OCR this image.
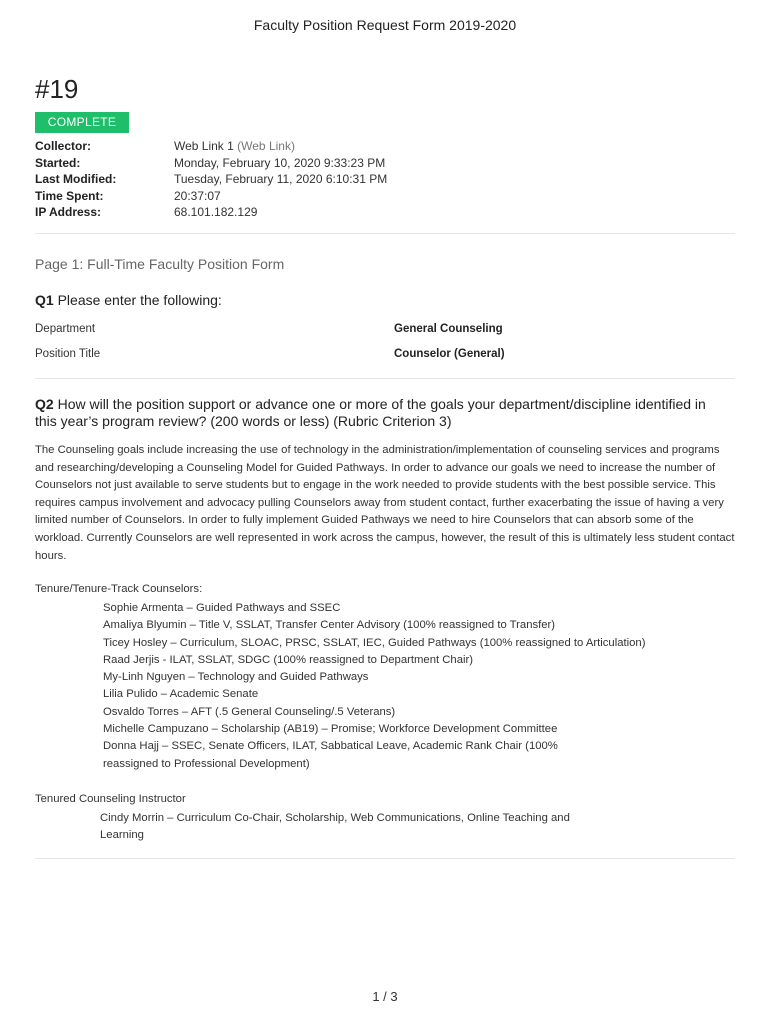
Faculty Position Request Form 2019-2020
#19
COMPLETE
Collector:	Web Link 1 (Web Link)
Started:	Monday, February 10, 2020 9:33:23 PM
Last Modified:	Tuesday, February 11, 2020 6:10:31 PM
Time Spent:	20:37:07
IP Address:	68.101.182.129
Page 1: Full-Time Faculty Position Form
Q1 Please enter the following:
Department	General Counseling
Position Title	Counselor (General)
Q2 How will the position support or advance one or more of the goals your department/discipline identified in this year’s program review? (200 words or less) (Rubric Criterion 3)

The Counseling goals include increasing the use of technology in the administration/implementation of counseling services and programs and researching/developing a Counseling Model for Guided Pathways. In order to advance our goals we need to increase the number of Counselors not just available to serve students but to engage in the work needed to provide students with the best possible service. This requires campus involvement and advocacy pulling Counselors away from student contact, further exacerbating the issue of having a very limited number of Counselors. In order to fully implement Guided Pathways we need to hire Counselors that can absorb some of the workload. Currently Counselors are well represented in work across the campus, however, the result of this is ultimately less student contact hours.

Tenure/Tenure-Track Counselors:
Sophie Armenta – Guided Pathways and SSEC
Amaliya Blyumin – Title V, SSLAT, Transfer Center Advisory (100% reassigned to Transfer)
Ticey Hosley – Curriculum, SLOAC, PRSC, SSLAT, IEC, Guided Pathways (100% reassigned to Articulation)
Raad Jerjis - ILAT, SSLAT, SDGC (100% reassigned to Department Chair)
My-Linh Nguyen – Technology and Guided Pathways
Lilia Pulido – Academic Senate
Osvaldo Torres – AFT (.5 General Counseling/.5 Veterans)
Michelle Campuzano – Scholarship (AB19) – Promise; Workforce Development Committee
Donna Hajj – SSEC, Senate Officers, ILAT, Sabbatical Leave, Academic Rank Chair (100%
reassigned to Professional Development)
Tenured Counseling Instructor
Cindy Morrin – Curriculum Co-Chair, Scholarship, Web Communications, Online Teaching and
Learning
1 / 3
